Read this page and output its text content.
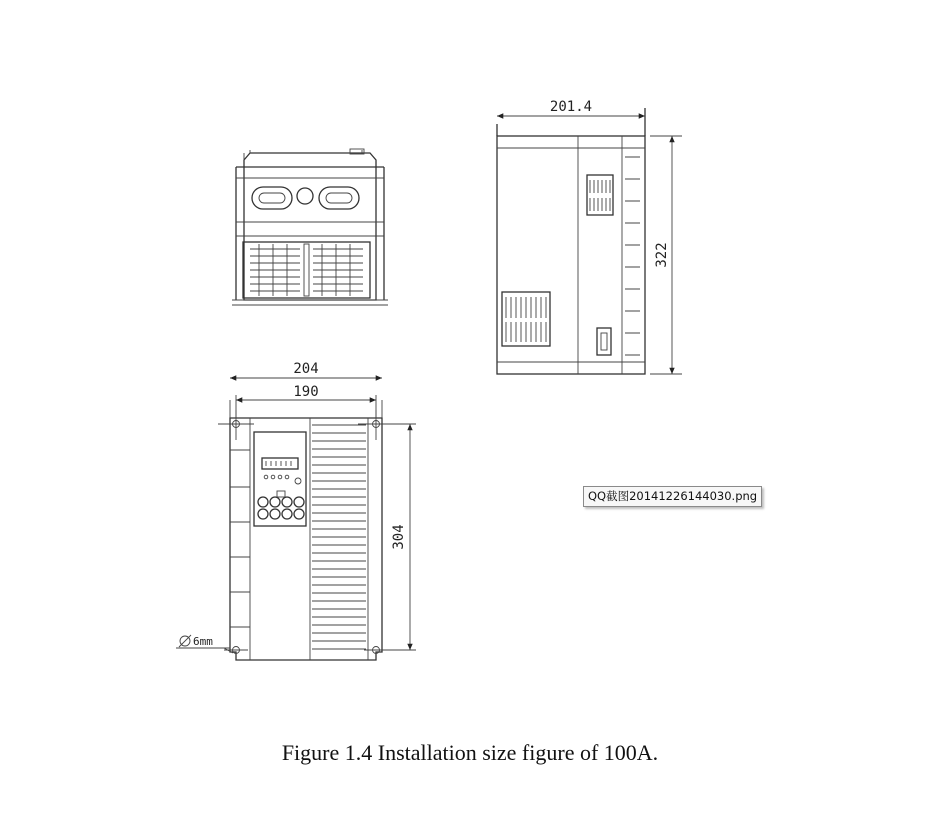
201.4
322
204
190
304
6mm
QQ截图20141226144030.png
Figure 1.4 Installation size figure of 100A.
